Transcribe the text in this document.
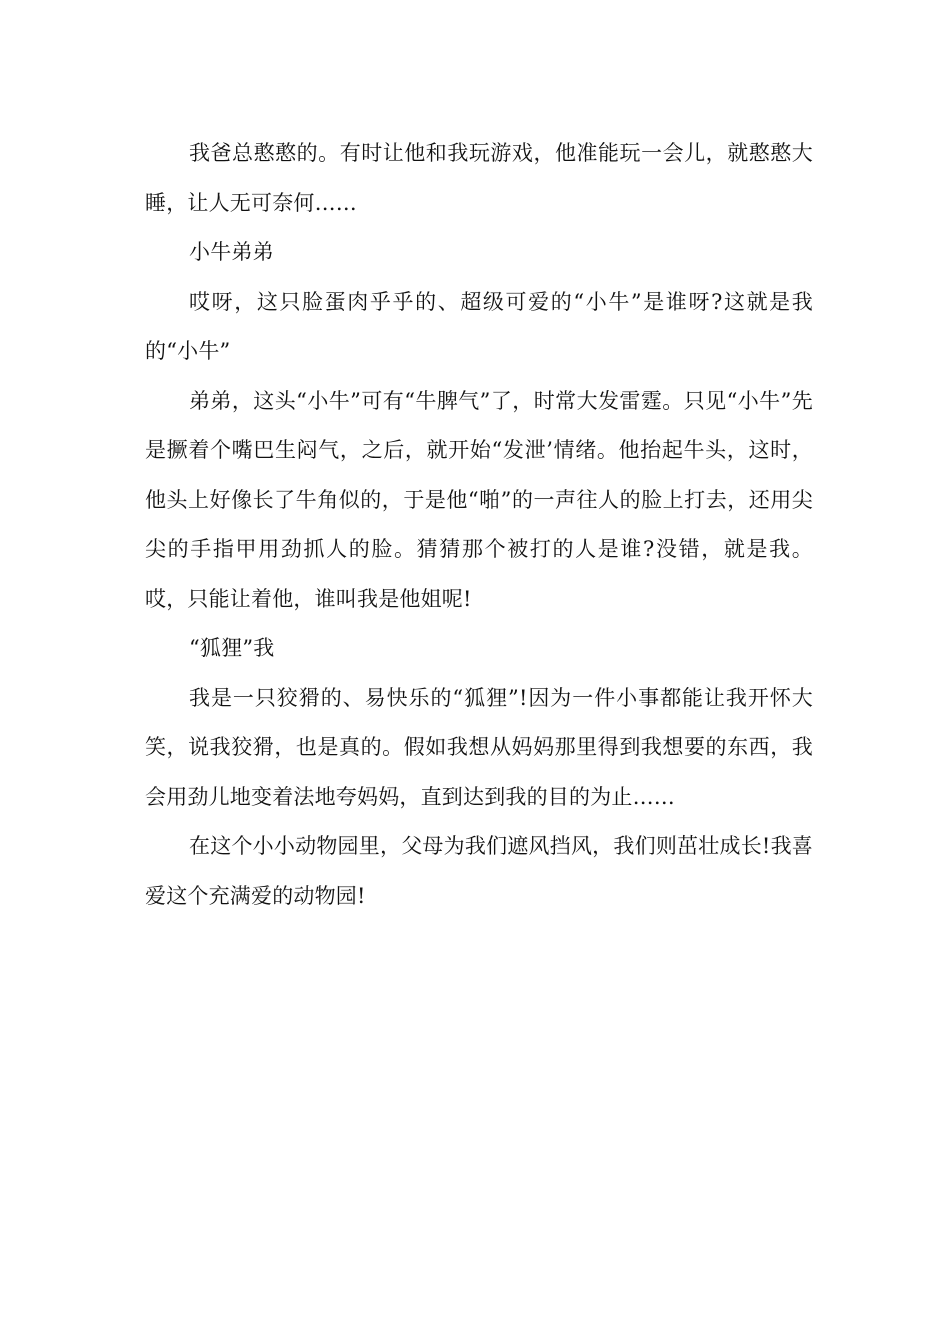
我爸总憨憨的。有时让他和我玩游戏，他准能玩一会儿，就憨憨大睡，让人无可奈何……

小牛弟弟

哎呀，这只脸蛋肉乎乎的、超级可爱的“小牛”是谁呀?这就是我的“小牛”

弟弟，这头“小牛”可有“牛脾气”了，时常大发雷霆。只见“小牛”先是撅着个嘴巴生闷气，之后，就开始“发泄’情绪。他抬起牛头，这时，他头上好像长了牛角似的，于是他“啪”的一声往人的脸上打去，还用尖尖的手指甲用劲抓人的脸。猜猜那个被打的人是谁?没错，就是我。哎，只能让着他，谁叫我是他姐呢!

“狐狸”我

我是一只狡猾的、易快乐的“狐狸”!因为一件小事都能让我开怀大笑，说我狡猾，也是真的。假如我想从妈妈那里得到我想要的东西，我会用劲儿地变着法地夸妈妈，直到达到我的目的为止……

在这个小小动物园里，父母为我们遮风挡风，我们则茁壮成长!我喜爱这个充满爱的动物园!
